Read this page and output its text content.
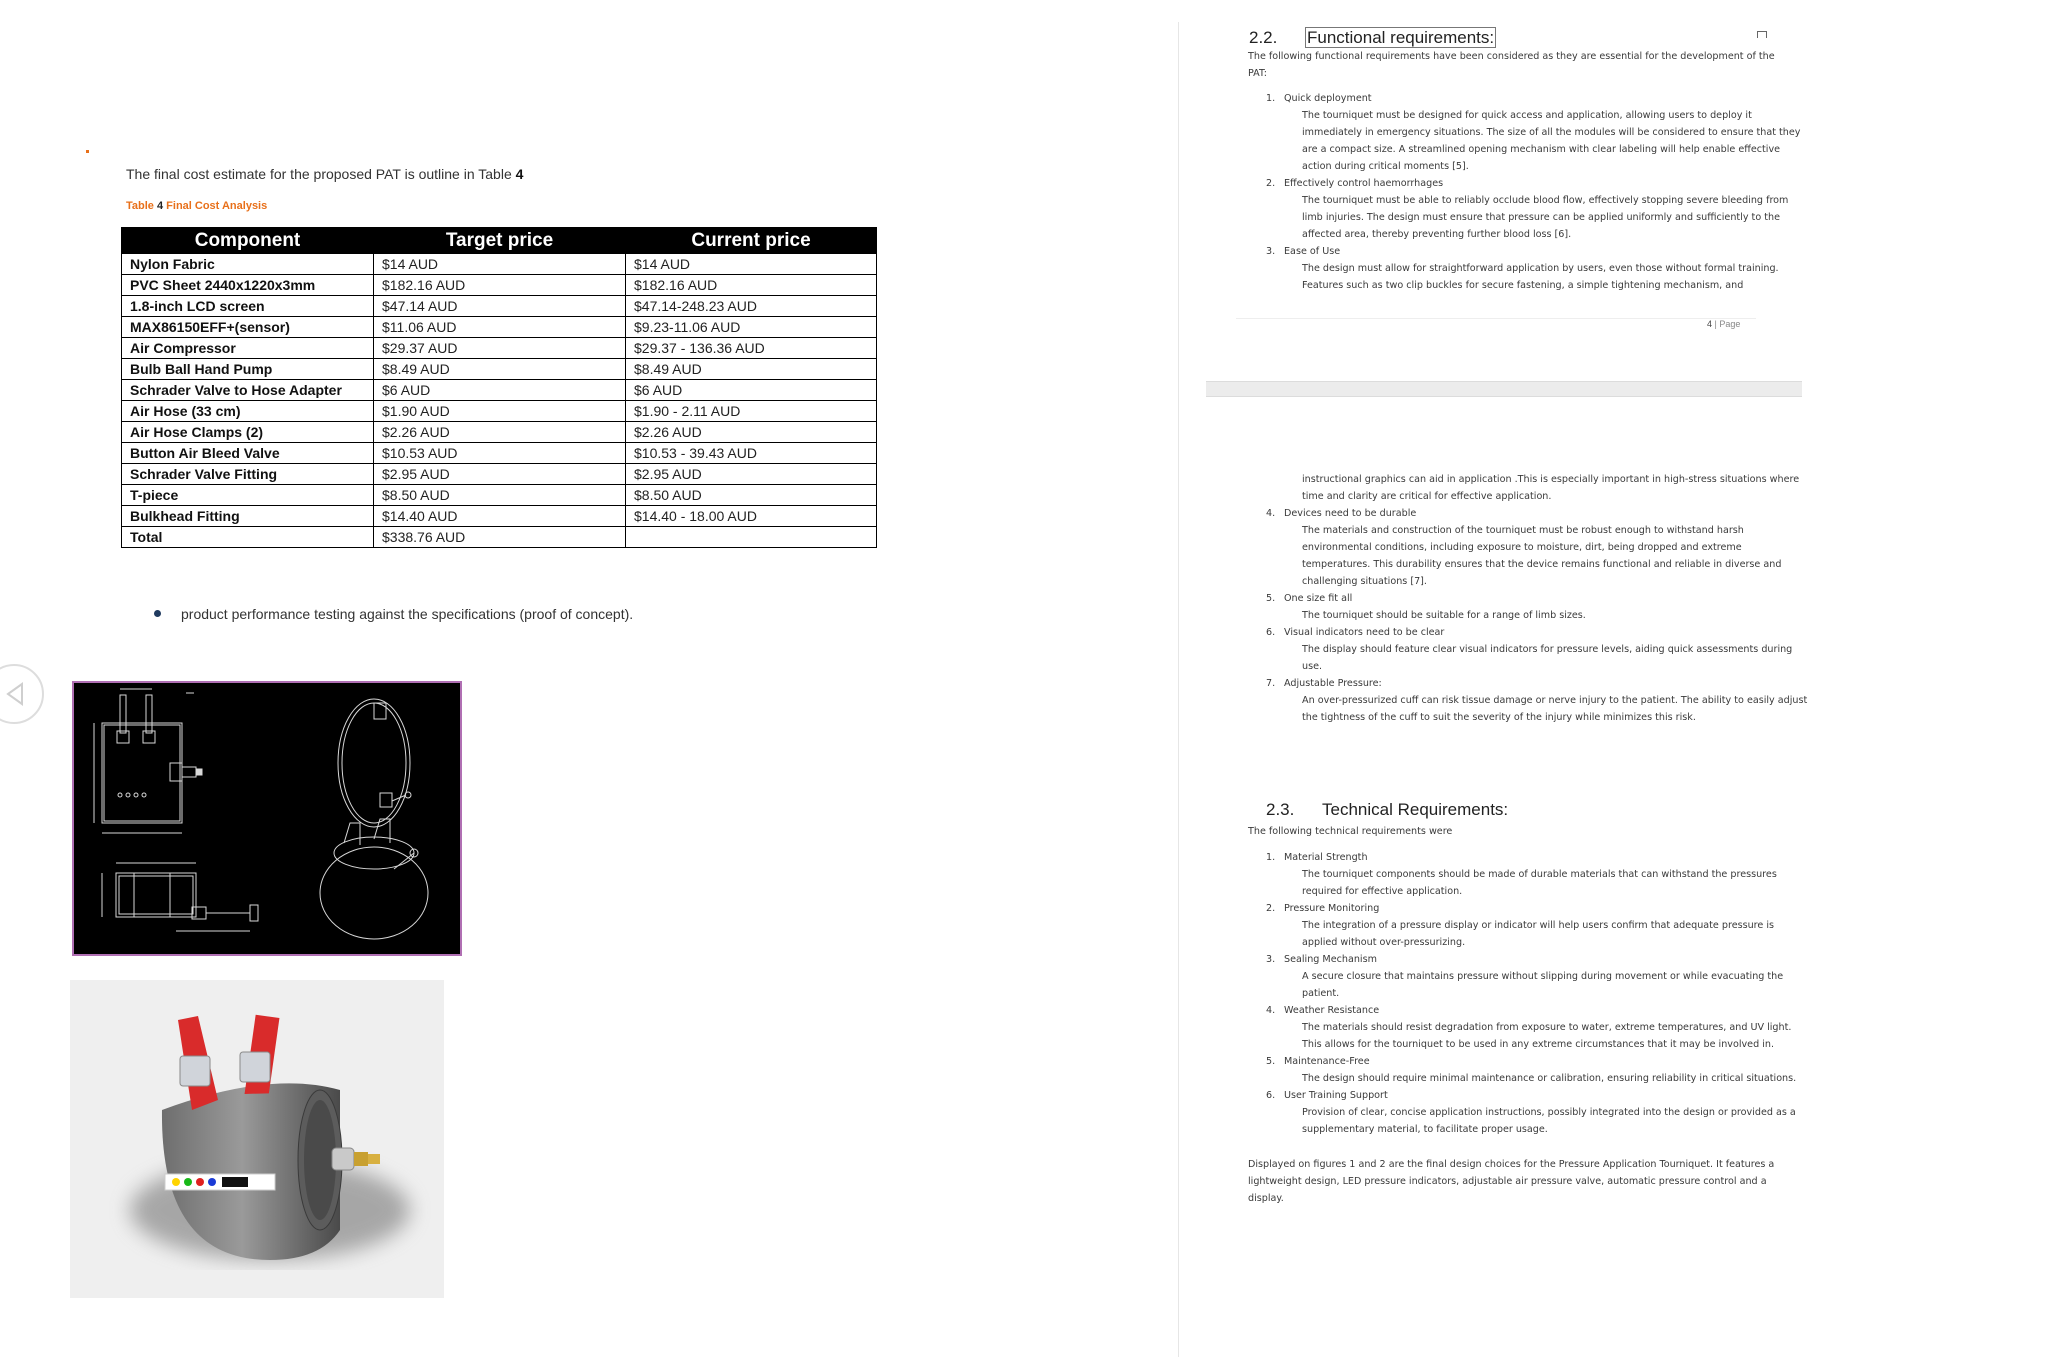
The final cost estimate for the proposed PAT is outline in Table 4
Table 4 Final Cost Analysis
Component	Target price	Current price
Nylon Fabric	$14 AUD	$14 AUD
PVC Sheet 2440x1220x3mm	$182.16 AUD	$182.16 AUD
1.8-inch LCD screen	$47.14 AUD	$47.14-248.23 AUD
MAX86150EFF+(sensor)	$11.06 AUD	$9.23-11.06 AUD
Air Compressor	$29.37 AUD	$29.37 - 136.36 AUD
Bulb Ball Hand Pump	$8.49 AUD	$8.49 AUD
Schrader Valve to Hose Adapter	$6 AUD	$6 AUD
Air Hose (33 cm)	$1.90 AUD	$1.90 - 2.11 AUD
Air Hose Clamps (2)	$2.26 AUD	$2.26 AUD
Button Air Bleed Valve	$10.53 AUD	$10.53 - 39.43 AUD
Schrader Valve Fitting	$2.95 AUD	$2.95 AUD
T-piece	$8.50 AUD	$8.50 AUD
Bulkhead Fitting	$14.40 AUD	$14.40 - 18.00 AUD
Total	$338.76 AUD	
product performance testing against the specifications (proof of concept).
2.2. Functional requirements:
The following functional requirements have been considered as they are essential for the development of the
PAT:
1. Quick deployment
The tourniquet must be designed for quick access and application, allowing users to deploy it
immediately in emergency situations. The size of all the modules will be considered to ensure that they
are a compact size. A streamlined opening mechanism with clear labeling will help enable effective
action during critical moments [5].
2. Effectively control haemorrhages
The tourniquet must be able to reliably occlude blood flow, effectively stopping severe bleeding from
limb injuries. The design must ensure that pressure can be applied uniformly and sufficiently to the
affected area, thereby preventing further blood loss [6].
3. Ease of Use
The design must allow for straightforward application by users, even those without formal training.
Features such as two clip buckles for secure fastening, a simple tightening mechanism, and
4 | Page
instructional graphics can aid in application .This is especially important in high-stress situations where
time and clarity are critical for effective application.
4. Devices need to be durable
The materials and construction of the tourniquet must be robust enough to withstand harsh
environmental conditions, including exposure to moisture, dirt, being dropped and extreme
temperatures. This durability ensures that the device remains functional and reliable in diverse and
challenging situations [7].
5. One size fit all
The tourniquet should be suitable for a range of limb sizes.
6. Visual indicators need to be clear
The display should feature clear visual indicators for pressure levels, aiding quick assessments during
use.
7. Adjustable Pressure:
An over-pressurized cuff can risk tissue damage or nerve injury to the patient. The ability to easily adjust
the tightness of the cuff to suit the severity of the injury while minimizes this risk.
2.3. Technical Requirements:
The following technical requirements were
1. Material Strength
The tourniquet components should be made of durable materials that can withstand the pressures
required for effective application.
2. Pressure Monitoring
The integration of a pressure display or indicator will help users confirm that adequate pressure is
applied without over-pressurizing.
3. Sealing Mechanism
A secure closure that maintains pressure without slipping during movement or while evacuating the
patient.
4. Weather Resistance
The materials should resist degradation from exposure to water, extreme temperatures, and UV light.
This allows for the tourniquet to be used in any extreme circumstances that it may be involved in.
5. Maintenance-Free
The design should require minimal maintenance or calibration, ensuring reliability in critical situations.
6. User Training Support
Provision of clear, concise application instructions, possibly integrated into the design or provided as a
supplementary material, to facilitate proper usage.
Displayed on figures 1 and 2 are the final design choices for the Pressure Application Tourniquet. It features a
lightweight design, LED pressure indicators, adjustable air pressure valve, automatic pressure control and a
display.
